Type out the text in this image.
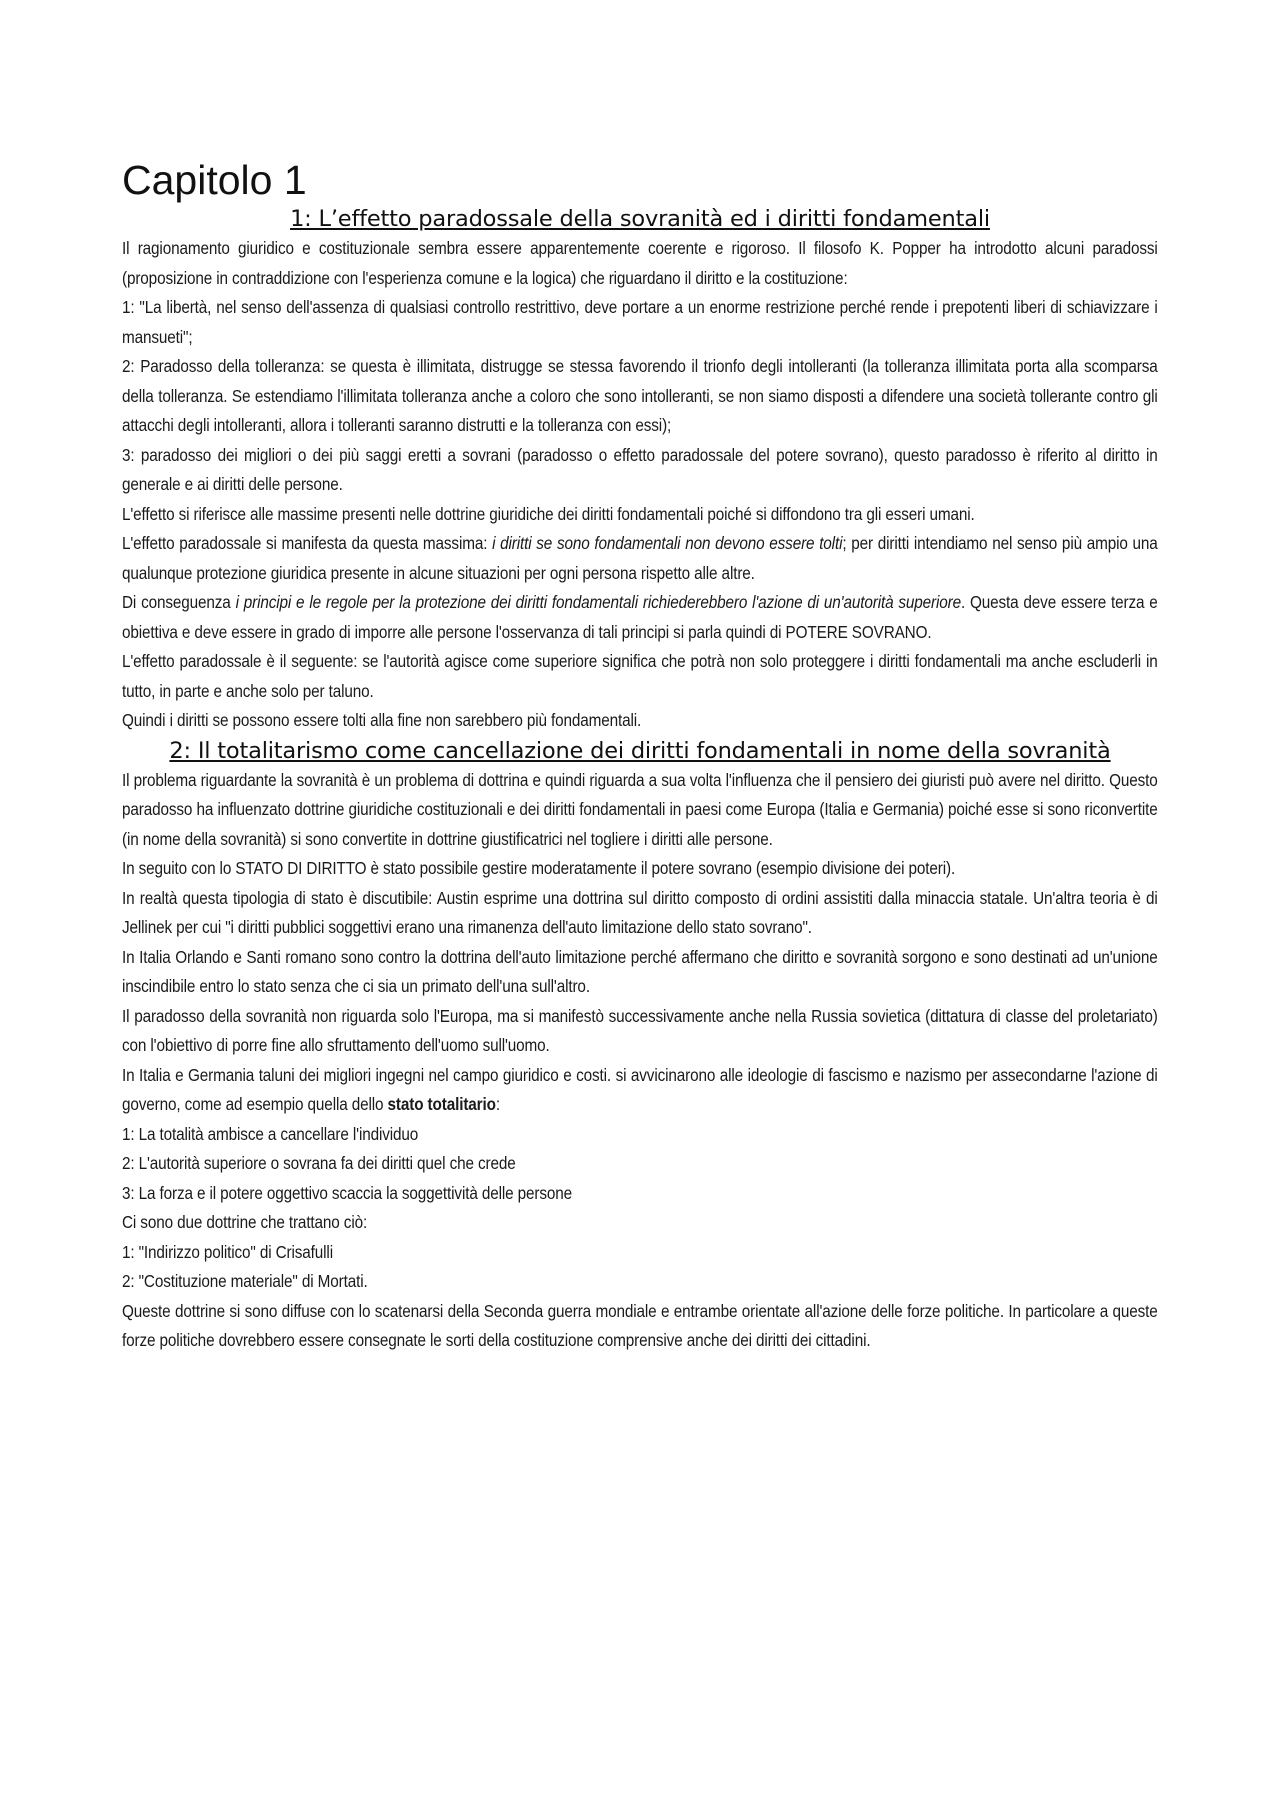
Capitolo 1
1: L’effetto paradossale della sovranità ed i diritti fondamentali

Il ragionamento giuridico e costituzionale sembra essere apparentemente coerente e rigoroso. Il filosofo K. Popper ha introdotto alcuni paradossi (proposizione in contraddizione con l'esperienza comune e la logica) che riguardano il diritto e la costituzione:

1: "La libertà, nel senso dell'assenza di qualsiasi controllo restrittivo, deve portare a un enorme restrizione perché rende i prepotenti liberi di schiavizzare i mansueti";

2: Paradosso della tolleranza: se questa è illimitata, distrugge se stessa favorendo il trionfo degli intolleranti (la tolleranza illimitata porta alla scomparsa della tolleranza. Se estendiamo l'illimitata tolleranza anche a coloro che sono intolleranti, se non siamo disposti a difendere una società tollerante contro gli attacchi degli intolleranti, allora i tolleranti saranno distrutti e la tolleranza con essi);

3: paradosso dei migliori o dei più saggi eretti a sovrani (paradosso o effetto paradossale del potere sovrano), questo paradosso è riferito al diritto in generale e ai diritti delle persone.

L'effetto si riferisce alle massime presenti nelle dottrine giuridiche dei diritti fondamentali poiché si diffondono tra gli esseri umani.

L'effetto paradossale si manifesta da questa massima: i diritti se sono fondamentali non devono essere tolti; per diritti intendiamo nel senso più ampio una qualunque protezione giuridica presente in alcune situazioni per ogni persona rispetto alle altre.

Di conseguenza i principi e le regole per la protezione dei diritti fondamentali richiederebbero l'azione di un'autorità superiore. Questa deve essere terza e obiettiva e deve essere in grado di imporre alle persone l'osservanza di tali principi si parla quindi di POTERE SOVRANO.

L'effetto paradossale è il seguente: se l'autorità agisce come superiore significa che potrà non solo proteggere i diritti fondamentali ma anche escluderli in tutto, in parte e anche solo per taluno.

Quindi i diritti se possono essere tolti alla fine non sarebbero più fondamentali.

2: Il totalitarismo come cancellazione dei diritti fondamentali in nome della sovranità

Il problema riguardante la sovranità è un problema di dottrina e quindi riguarda a sua volta l'influenza che il pensiero dei giuristi può avere nel diritto. Questo paradosso ha influenzato dottrine giuridiche costituzionali e dei diritti fondamentali in paesi come Europa (Italia e Germania) poiché esse si sono riconvertite (in nome della sovranità) si sono convertite in dottrine giustificatrici nel togliere i diritti alle persone.

In seguito con lo STATO DI DIRITTO è stato possibile gestire moderatamente il potere sovrano (esempio divisione dei poteri).

In realtà questa tipologia di stato è discutibile: Austin esprime una dottrina sul diritto composto di ordini assistiti dalla minaccia statale. Un'altra teoria è di Jellinek per cui "i diritti pubblici soggettivi erano una rimanenza dell'auto limitazione dello stato sovrano".

In Italia Orlando e Santi romano sono contro la dottrina dell'auto limitazione perché affermano che diritto e sovranità sorgono e sono destinati ad un'unione inscindibile entro lo stato senza che ci sia un primato dell'una sull'altro.

Il paradosso della sovranità non riguarda solo l'Europa, ma si manifestò successivamente anche nella Russia sovietica (dittatura di classe del proletariato) con l'obiettivo di porre fine allo sfruttamento dell'uomo sull'uomo.

In Italia e Germania taluni dei migliori ingegni nel campo giuridico e costi. si avvicinarono alle ideologie di fascismo e nazismo per assecondarne l'azione di governo, come ad esempio quella dello stato totalitario:

1: La totalità ambisce a cancellare l'individuo

2: L'autorità superiore o sovrana fa dei diritti quel che crede

3: La forza e il potere oggettivo scaccia la soggettività delle persone

Ci sono due dottrine che trattano ciò:

1: "Indirizzo politico" di Crisafulli

2: "Costituzione materiale" di Mortati.

Queste dottrine si sono diffuse con lo scatenarsi della Seconda guerra mondiale e entrambe orientate all'azione delle forze politiche. In particolare a queste forze politiche dovrebbero essere consegnate le sorti della costituzione comprensive anche dei diritti dei cittadini.
